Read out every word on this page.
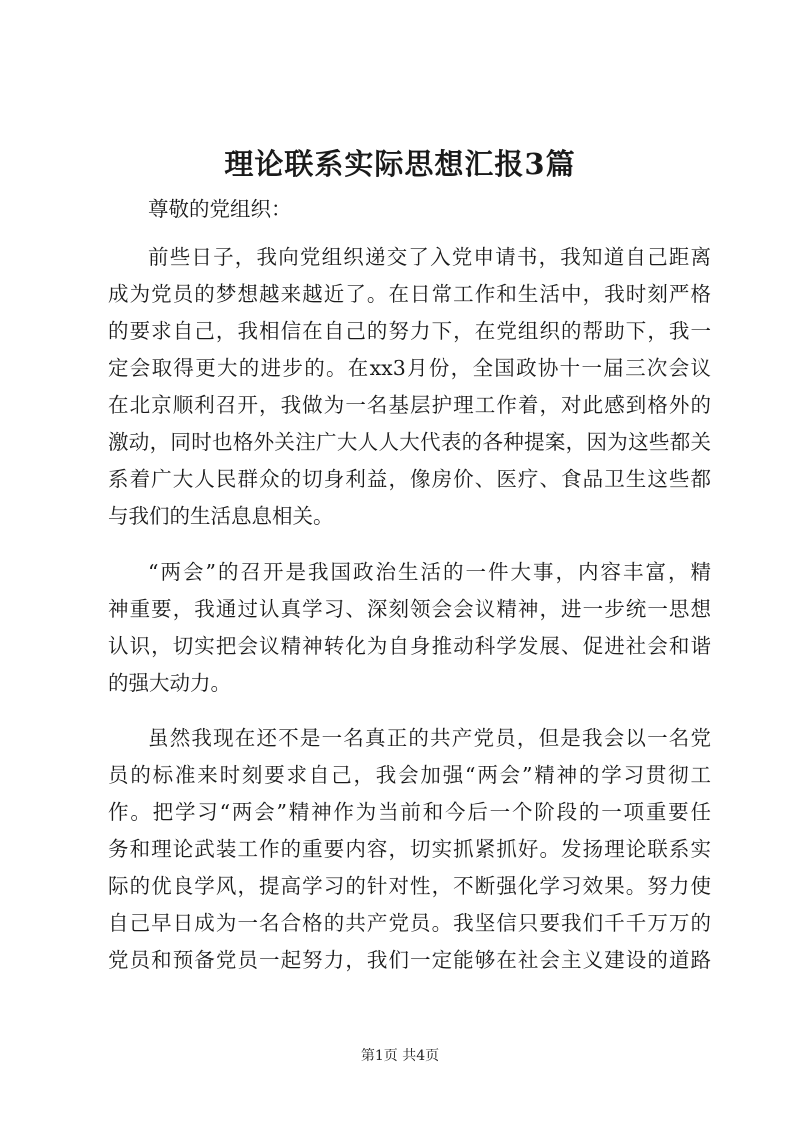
理论联系实际思想汇报3篇
尊敬的党组织：
前些日子，我向党组织递交了入党申请书，我知道自己距离
成为党员的梦想越来越近了。在日常工作和生活中，我时刻严格
的要求自己，我相信在自己的努力下，在党组织的帮助下，我一
定会取得更大的进步的。在xx3月份，全国政协十一届三次会议
在北京顺利召开，我做为一名基层护理工作着，对此感到格外的
激动，同时也格外关注广大人人大代表的各种提案，因为这些都关
系着广大人民群众的切身利益，像房价、医疗、食品卫生这些都
与我们的生活息息相关。
“两会”的召开是我国政治生活的一件大事，内容丰富，精
神重要，我通过认真学习、深刻领会会议精神，进一步统一思想
认识，切实把会议精神转化为自身推动科学发展、促进社会和谐
的强大动力。
虽然我现在还不是一名真正的共产党员，但是我会以一名党
员的标准来时刻要求自己，我会加强“两会”精神的学习贯彻工
作。把学习“两会”精神作为当前和今后一个阶段的一项重要任
务和理论武装工作的重要内容，切实抓紧抓好。发扬理论联系实
际的优良学风，提高学习的针对性，不断强化学习效果。努力使
自己早日成为一名合格的共产党员。我坚信只要我们千千万万的
党员和预备党员一起努力，我们一定能够在社会主义建设的道路
第1页 共4页
